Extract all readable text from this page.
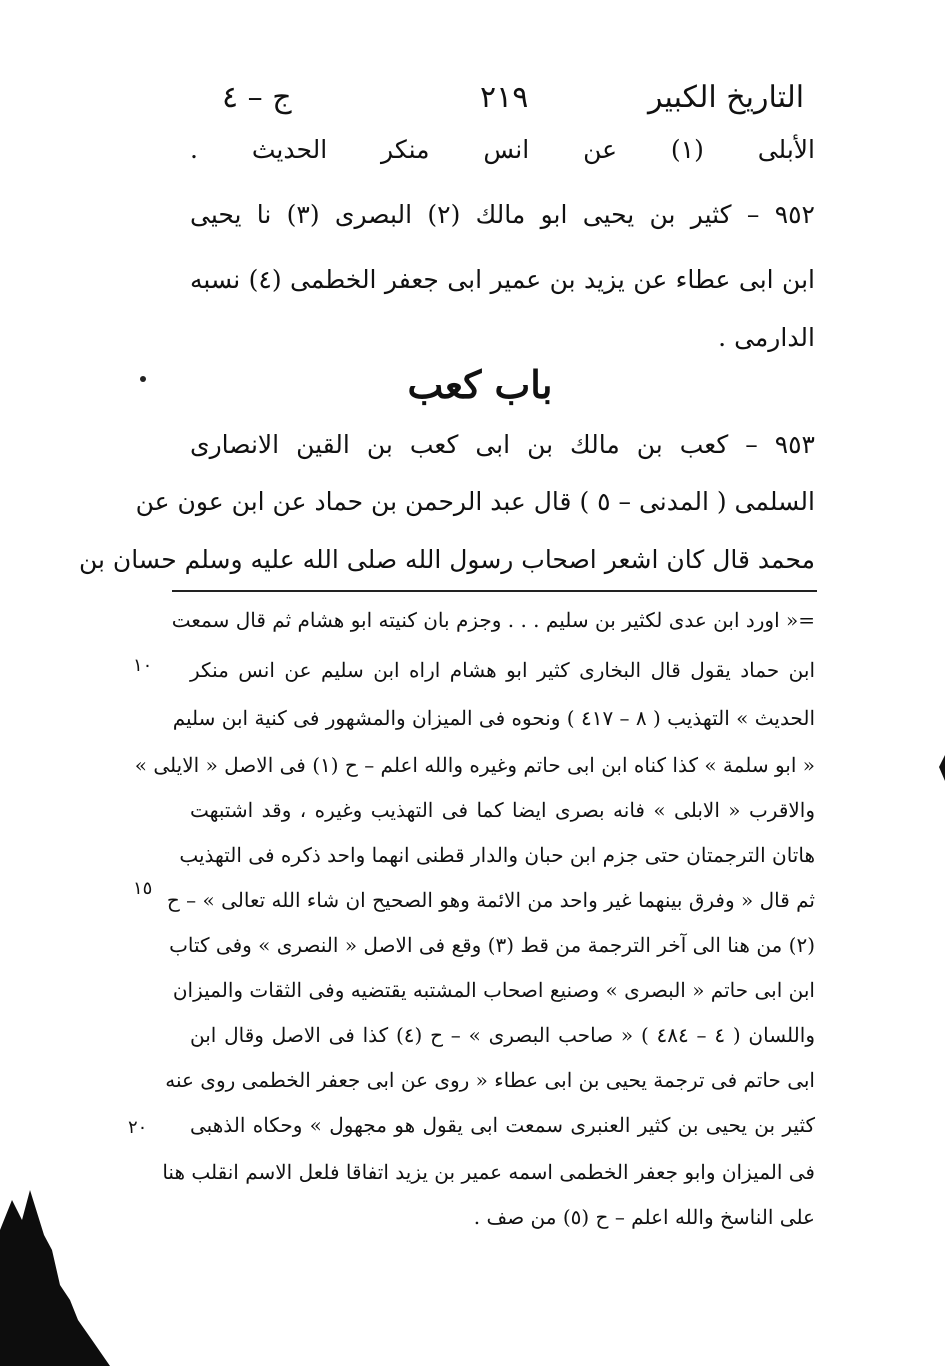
التاريخ الكبير
٢١٩
ج – ٤
الأبلى (١) عن انس منكر الحديث .
٩٥٢ – كثير بن يحيى ابو مالك (٢) البصرى (٣) نا يحيى
ابن ابى عطاء عن يزيد بن عمير ابى جعفر الخطمى (٤) نسبه
الدارمى .
باب كعب
٩٥٣ – كعب بن مالك بن ابى كعب بن القين الانصارى
السلمى ( المدنى – ٥ ) قال عبد الرحمن بن حماد عن ابن عون عن
محمد قال كان اشعر اصحاب رسول الله صلى الله عليه وسلم حسان بن
=« اورد ابن عدى لكثير بن سليم . . . وجزم بان كنيته ابو هشام ثم قال سمعت
ابن حماد يقول قال البخارى كثير ابو هشام اراه ابن سليم عن انس منكر
الحديث » التهذيب ( ٨ – ٤١٧ ) ونحوه فى الميزان والمشهور فى كنية ابن سليم
« ابو سلمة » كذا كناه ابن ابى حاتم وغيره والله اعلم – ح (١) فى الاصل « الايلى »
والاقرب « الابلى » فانه بصرى ايضا كما فى التهذيب وغيره ، وقد اشتبهت
هاتان الترجمتان حتى جزم ابن حبان والدار قطنى انهما واحد ذكره فى التهذيب
ثم قال « وفرق بينهما غير واحد من الائمة وهو الصحيح ان شاء الله تعالى » – ح
(٢) من هنا الى آخر الترجمة من قط (٣) وقع فى الاصل « النصرى » وفى كتاب
ابن ابى حاتم « البصرى » وصنيع اصحاب المشتبه يقتضيه وفى الثقات والميزان
واللسان ( ٤ – ٤٨٤ ) « صاحب البصرى » – ح (٤) كذا فى الاصل وقال ابن
ابى حاتم فى ترجمة يحيى بن ابى عطاء « روى عن ابى جعفر الخطمى روى عنه
كثير بن يحيى بن كثير العنبرى سمعت ابى يقول هو مجهول » وحكاه الذهبى
فى الميزان وابو جعفر الخطمى اسمه عمير بن يزيد اتفاقا فلعل الاسم انقلب هنا
على الناسخ والله اعلم – ح (٥) من صف .
١٠
١٥
٢٠
